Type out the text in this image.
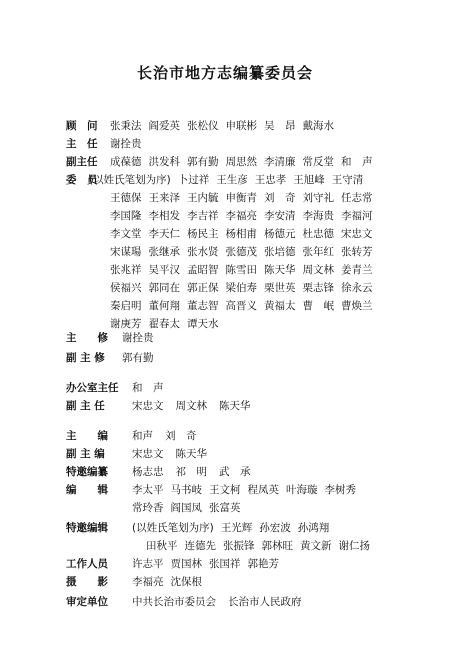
长治市地方志编纂委员会
顾　问 张秉法 阎爱英 张松仪 申联彬 吴　昂 戴海水
主　任 谢拴贵
副主任 成葆德 洪发科 郭有勤 周思然 李清廉 常反堂 和　声
委　员
(以姓氏笔划为序) 卜过祥 王生彦 王忠孝 王旭峰 王守清
王德保 王来泽 王内毓 申衡青 刘　奇 刘守礼 任志常
李国隆 李相发 李吉祥 李福亮 李安清 李海贵 李福河
李文堂 李天仁 杨民主 杨相甫 杨德元 杜忠德 宋忠文
宋谋瑒 张继承 张水贤 张德茂 张培德 张年红 张转芳
张兆祥 吴平汉 孟昭智 陈雪田 陈天华 周文林 姜青兰
侯福兴 郭同在 郭正保 梁伯寿 栗世英 栗志锋 徐永云
秦启明 董何翔 董志智 高晋义 黄福太 曹　岷 曹焕兰
谢庚芳 翟春太 谭天水
主　　修 谢拴贵
副 主 修 郭有勤
办公室主任 和　声
副 主 任	宋忠文 周文林 陈天华
主　　编 和声 刘　奇
副 主 编	宋忠文 陈天华
特邀编纂 杨志忠 祁　明 武　承
编　　辑 李太平 马书岐 王文柯 程凤英 叶海璇 李树秀
常玲香 阎国凤 张富英
特邀编辑 (以姓氏笔划为序) 王光辉 孙宏波 孙鸿翔
田秋平 连德先 张振锋 郭林旺 黄文新 谢仁扬
工作人员 许志平 贾国林 张国祥 郭艳芳
摄　　影 李福亮 沈保根
审定单位 中共长治市委员会 长治市人民政府
